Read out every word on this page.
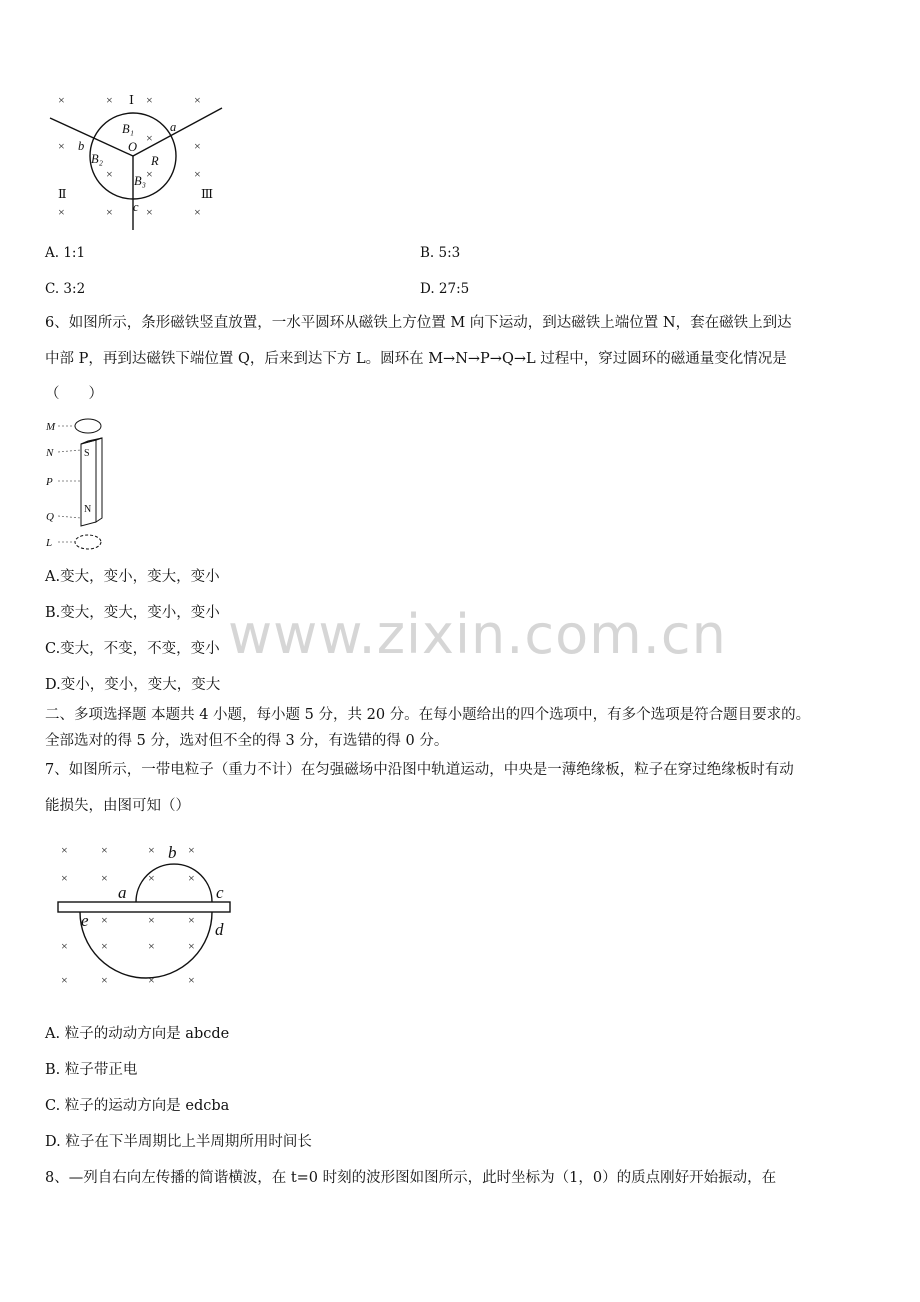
www.zixin.com.cn
×	×	×	×
×
×	×
×	×	×
×	×	×	×
Ⅰ
Ⅱ	Ⅲ
B₁
B₂
B₃
O
R
a
b
c
A. 1:1	B. 5:3
C. 3:2	D. 27:5
6、如图所示，条形磁铁竖直放置，一水平圆环从磁铁上方位置 M 向下运动，到达磁铁上端位置 N，套在磁铁上到达
中部 P，再到达磁铁下端位置 Q，后来到达下方 L。圆环在 M→N→P→Q→L 过程中，穿过圆环的磁通量变化情况是
（　　）
M
N
P
Q
L
S
N
A.变大，变小，变大，变小
B.变大，变大，变小，变小
C.变大，不变，不变，变小
D.变小，变小，变大，变大
二、多项选择题 本题共 4 小题，每小题 5 分，共 20 分。在每小题给出的四个选项中，有多个选项是符合题目要求的。
全部选对的得 5 分，选对但不全的得 3 分，有选错的得 0 分。
7、如图所示，一带电粒子（重力不计）在匀强磁场中沿图中轨道运动，中央是一薄绝缘板，粒子在穿过绝缘板时有动
能损失，由图可知（）
×	×	×	×
×	×	×	×
×	×	×
×	×	×	×
×	×	×	×
a
b
c
d
e
A. 粒子的动动方向是 abcde
B. 粒子带正电
C. 粒子的运动方向是 edcba
D. 粒子在下半周期比上半周期所用时间长
8、—列自右向左传播的简谐横波，在 t=0 时刻的波形图如图所示，此时坐标为（1，0）的质点刚好开始振动，在
